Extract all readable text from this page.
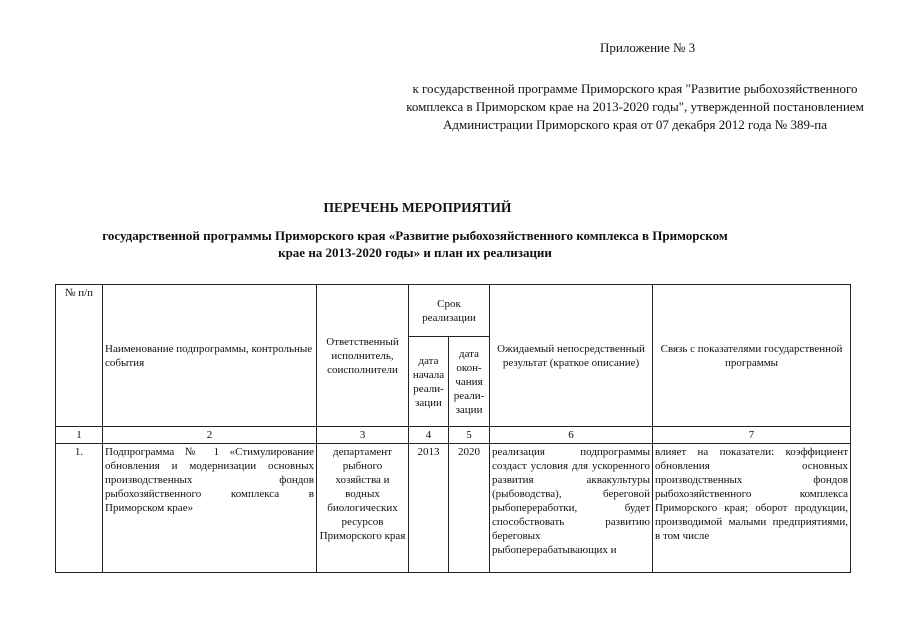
Приложение № 3
к государственной программе Приморского края "Развитие рыбохозяйственного комплекса в Приморском крае на 2013-2020 годы", утвержденной постановлением Администрации Приморского края от 07 декабря 2012 года № 389-па
ПЕРЕЧЕНЬ МЕРОПРИЯТИЙ
государственной программы Приморского края «Развитие рыбохозяйственного комплекса в Приморском крае на 2013-2020 годы» и план их реализации
№ п/п	Наименование подпрограммы, контрольные события	Ответственный исполнитель, соисполнители	Срок реализации		Ожидаемый непосредственный результат (краткое описание)	Связь с показателями государственной программы
			дата начала реали-зации	дата окон-чания реали-зации		
1	2	3	4	5	6	7
1.	Подпрограмма № 1 «Стимулирование обновления и модернизации основных производственных фондов рыбохозяйственного комплекса в Приморском крае»	департамент рыбного хозяйства и водных биологических ресурсов Приморского края	2013	2020	реализация подпрограммы создаст условия для ускоренного развития аквакультуры (рыбоводства), береговой рыбопереработки, будет способствовать развитию береговых рыбоперерабатывающих и	влияет на показатели: коэффициент обновления основных производственных фондов рыбохозяйственного комплекса Приморского края; оборот продукции, производимой малыми предприятиями, в том числе
